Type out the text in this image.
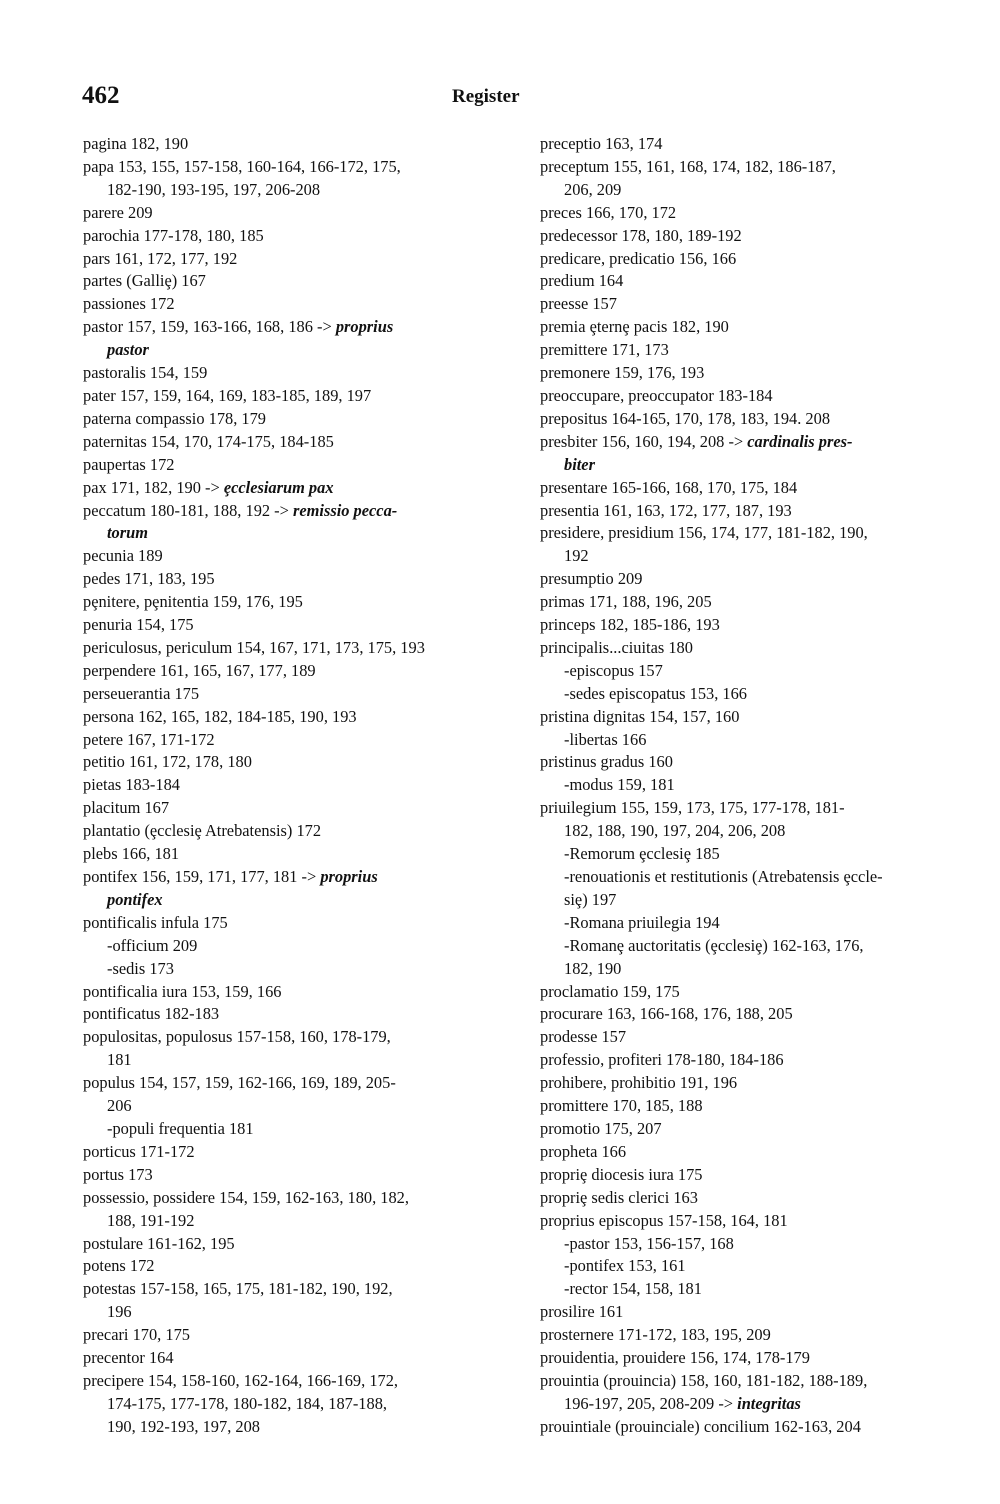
462	Register
pagina 182, 190
papa 153, 155, 157-158, 160-164, 166-172, 175,
182-190, 193-195, 197, 206-208
parere 209
parochia 177-178, 180, 185
pars 161, 172, 177, 192
partes (Galliȩ) 167
passiones 172
pastor 157, 159, 163-166, 168, 186 -> proprius
pastor
pastoralis 154, 159
pater 157, 159, 164, 169, 183-185, 189, 197
paterna compassio 178, 179
paternitas 154, 170, 174-175, 184-185
paupertas 172
pax 171, 182, 190 -> ȩcclesiarum pax
peccatum 180-181, 188, 192 -> remissio pecca-
torum
pecunia 189
pedes 171, 183, 195
pȩnitere, pȩnitentia 159, 176, 195
penuria 154, 175
periculosus, periculum 154, 167, 171, 173, 175, 193
perpendere 161, 165, 167, 177, 189
perseuerantia 175
persona 162, 165, 182, 184-185, 190, 193
petere 167, 171-172
petitio 161, 172, 178, 180
pietas 183-184
placitum 167
plantatio (ȩcclesiȩ Atrebatensis) 172
plebs 166, 181
pontifex 156, 159, 171, 177, 181 -> proprius
pontifex
pontificalis infula 175
-officium 209
-sedis 173
pontificalia iura 153, 159, 166
pontificatus 182-183
populositas, populosus 157-158, 160, 178-179,
181
populus 154, 157, 159, 162-166, 169, 189, 205-
206
-populi frequentia 181
porticus 171-172
portus 173
possessio, possidere 154, 159, 162-163, 180, 182,
188, 191-192
postulare 161-162, 195
potens 172
potestas 157-158, 165, 175, 181-182, 190, 192,
196
precari 170, 175
precentor 164
precipere 154, 158-160, 162-164, 166-169, 172,
174-175, 177-178, 180-182, 184, 187-188,
190, 192-193, 197, 208
preceptio 163, 174
preceptum 155, 161, 168, 174, 182, 186-187,
206, 209
preces 166, 170, 172
predecessor 178, 180, 189-192
predicare, predicatio 156, 166
predium 164
preesse 157
premia ȩternȩ pacis 182, 190
premittere 171, 173
premonere 159, 176, 193
preoccupare, preoccupator 183-184
prepositus 164-165, 170, 178, 183, 194. 208
presbiter 156, 160, 194, 208 -> cardinalis pres-
biter
presentare 165-166, 168, 170, 175, 184
presentia 161, 163, 172, 177, 187, 193
presidere, presidium 156, 174, 177, 181-182, 190,
192
presumptio 209
primas 171, 188, 196, 205
princeps 182, 185-186, 193
principalis...ciuitas 180
-episcopus 157
-sedes episcopatus 153, 166
pristina dignitas 154, 157, 160
-libertas 166
pristinus gradus 160
-modus 159, 181
priuilegium 155, 159, 173, 175, 177-178, 181-
182, 188, 190, 197, 204, 206, 208
-Remorum ȩcclesiȩ 185
-renouationis et restitutionis (Atrebatensis ȩccle-
siȩ) 197
-Romana priuilegia 194
-Romanȩ auctoritatis (ȩcclesiȩ) 162-163, 176,
182, 190
proclamatio 159, 175
procurare 163, 166-168, 176, 188, 205
prodesse 157
professio, profiteri 178-180, 184-186
prohibere, prohibitio 191, 196
promittere 170, 185, 188
promotio 175, 207
propheta 166
propriȩ diocesis iura 175
propriȩ sedis clerici 163
proprius episcopus 157-158, 164, 181
-pastor 153, 156-157, 168
-pontifex 153, 161
-rector 154, 158, 181
prosilire 161
prosternere 171-172, 183, 195, 209
prouidentia, prouidere 156, 174, 178-179
prouintia (prouincia) 158, 160, 181-182, 188-189,
196-197, 205, 208-209 -> integritas
prouintiale (prouinciale) concilium 162-163, 204
